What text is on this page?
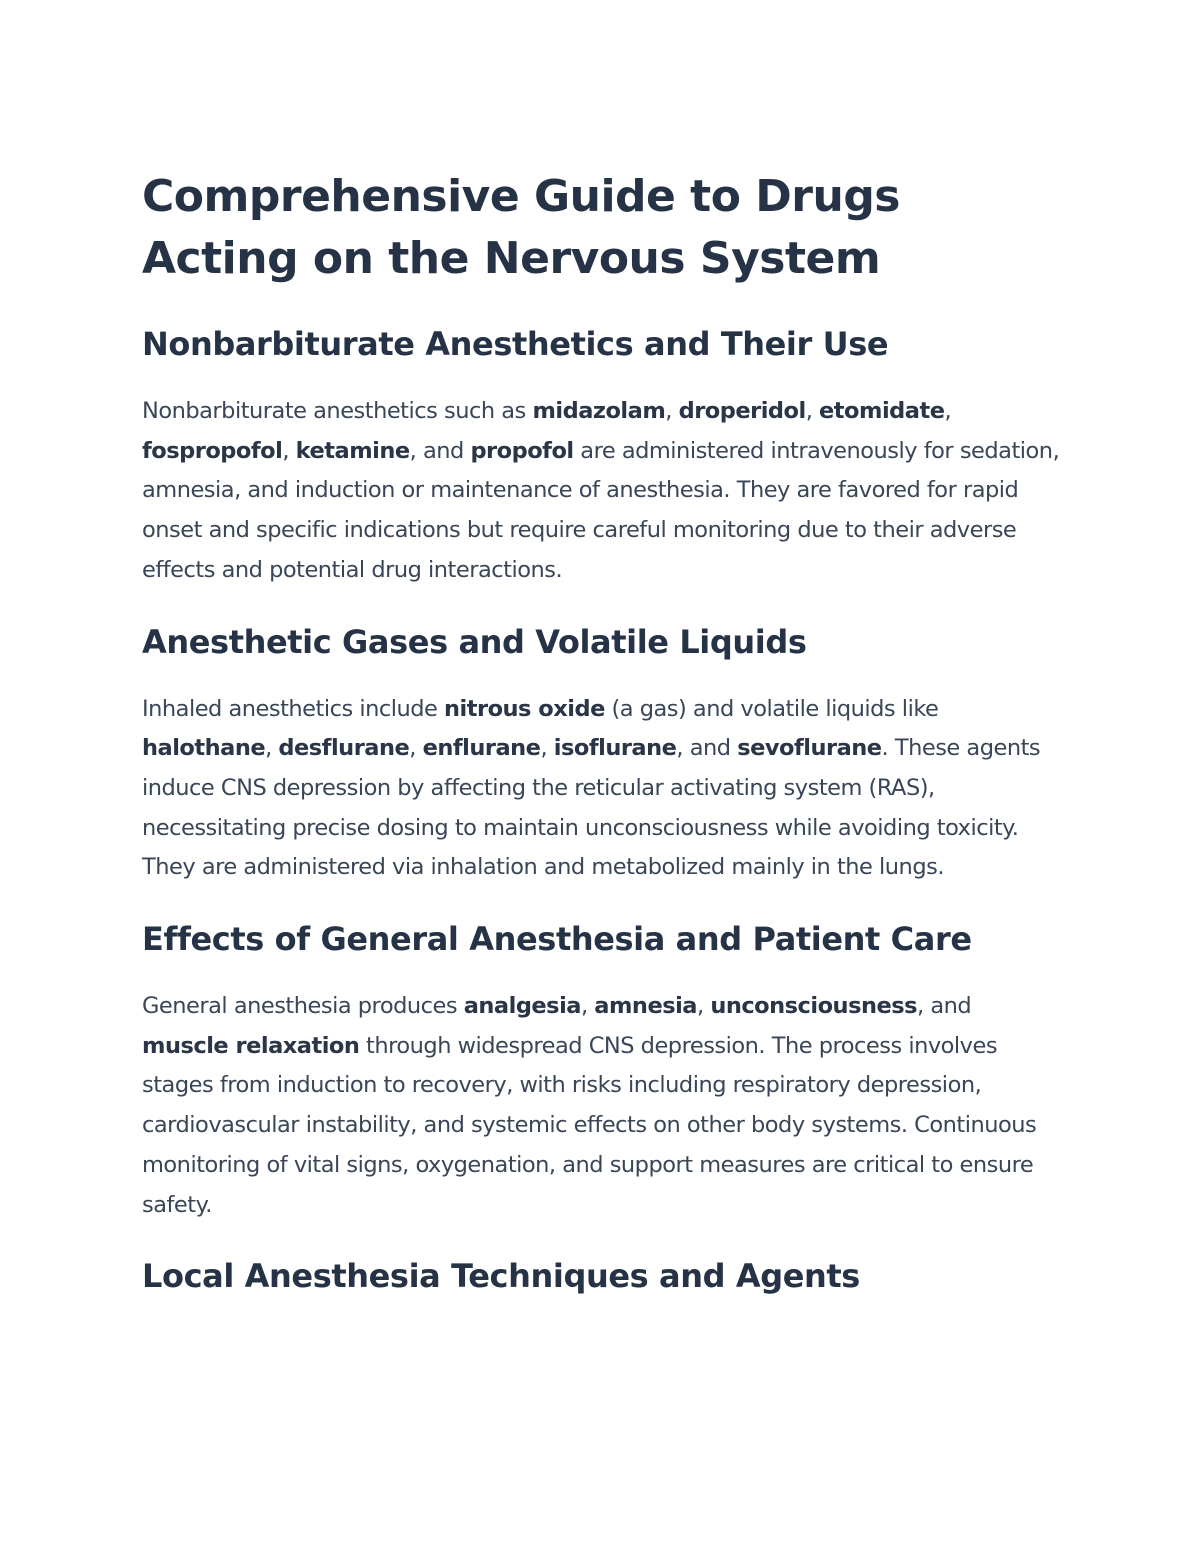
Comprehensive Guide to Drugs Acting on the Nervous System
Nonbarbiturate Anesthetics and Their Use

Nonbarbiturate anesthetics such as midazolam, droperidol, etomidate, fospropofol, ketamine, and propofol are administered intravenously for sedation, amnesia, and induction or maintenance of anesthesia. They are favored for rapid onset and specific indications but require careful monitoring due to their adverse effects and potential drug interactions.

Anesthetic Gases and Volatile Liquids

Inhaled anesthetics include nitrous oxide (a gas) and volatile liquids like halothane, desflurane, enflurane, isoflurane, and sevoflurane. These agents induce CNS depression by affecting the reticular activating system (RAS), necessitating precise dosing to maintain unconsciousness while avoiding toxicity. They are administered via inhalation and metabolized mainly in the lungs.

Effects of General Anesthesia and Patient Care

General anesthesia produces analgesia, amnesia, unconsciousness, and muscle relaxation through widespread CNS depression. The process involves stages from induction to recovery, with risks including respiratory depression, cardiovascular instability, and systemic effects on other body systems. Continuous monitoring of vital signs, oxygenation, and support measures are critical to ensure safety.

Local Anesthesia Techniques and Agents
